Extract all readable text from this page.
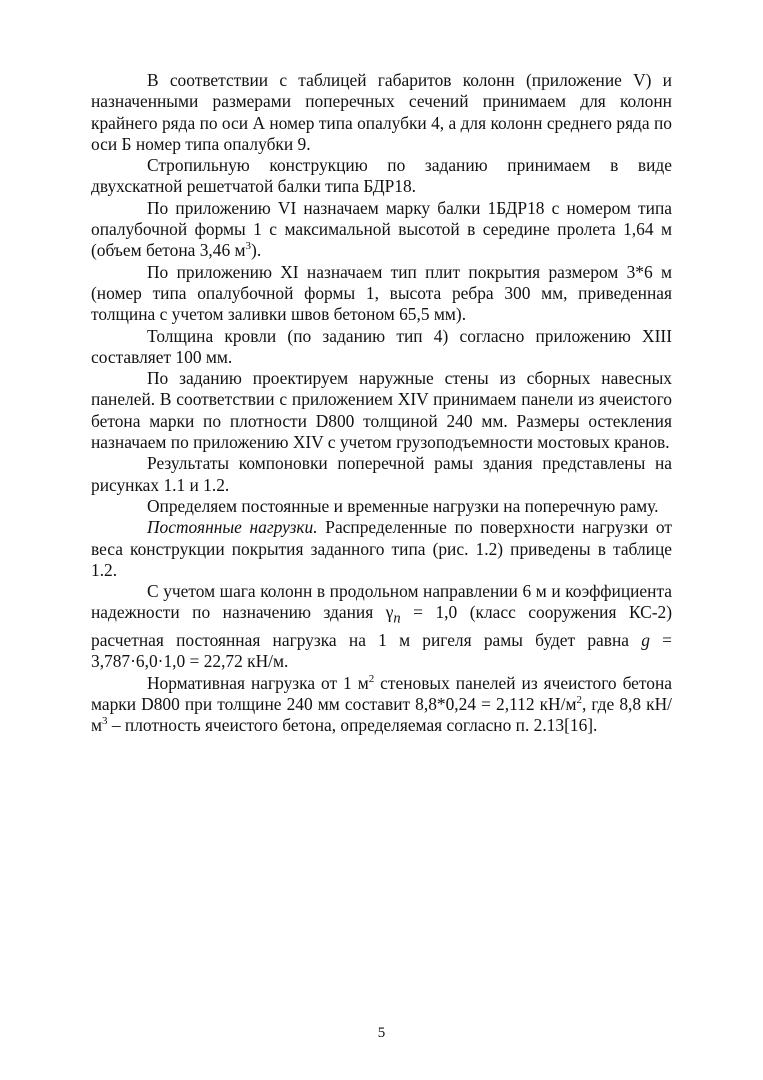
В соответствии с таблицей габаритов колонн (приложение V) и назначенными размерами поперечных сечений принимаем для колонн крайнего ряда по оси А номер типа опалубки 4, а для колонн среднего ряда по оси Б номер типа опалубки 9.

Стропильную конструкцию по заданию принимаем в виде двухскатной решетчатой балки типа БДР18.

По приложению VI назначаем марку балки 1БДР18 с номером типа опалубочной формы 1 с максимальной высотой в середине пролета 1,64 м (объем бетона 3,46 $м^3$).

По приложению XI назначаем тип плит покрытия размером 3*6 м (номер типа опалубочной формы 1, высота ребра 300 мм, приведенная толщина с учетом заливки швов бетоном 65,5 мм).

Толщина кровли (по заданию тип 4) согласно приложению XIII составляет 100 мм.

По заданию проектируем наружные стены из сборных навесных панелей. В соответствии с приложением XIV принимаем панели из ячеистого бетона марки по плотности D800 толщиной 240 мм. Размеры остекления назначаем по приложению XIV с учетом грузоподъемности мостовых кранов.

Результаты компоновки поперечной рамы здания представлены на рисунках 1.1 и 1.2.

Определяем постоянные и временные нагрузки на поперечную раму.

Постоянные нагрузки. Распределенные по поверхности нагрузки от веса конструкции покрытия заданного типа (рис. 1.2) приведены в таблице 1.2.

С учетом шага колонн в продольном направлении 6 м и коэффициента надежности по назначению здания $\gamma_n = 1,0$ (класс сооружения КС-2) расчетная постоянная нагрузка на 1 м ригеля рамы будет равна g = 3,787·6,0·1,0 = 22,72 кН/м.

Нормативная нагрузка от 1 $м^2$ стеновых панелей из ячеистого бетона марки D800 при толщине 240 мм составит 8,8*0,24 = 2,112 $кН/м^2$, где 8,8 $кН/м^3$ – плотность ячеистого бетона, определяемая согласно п. 2.13[16].

5
